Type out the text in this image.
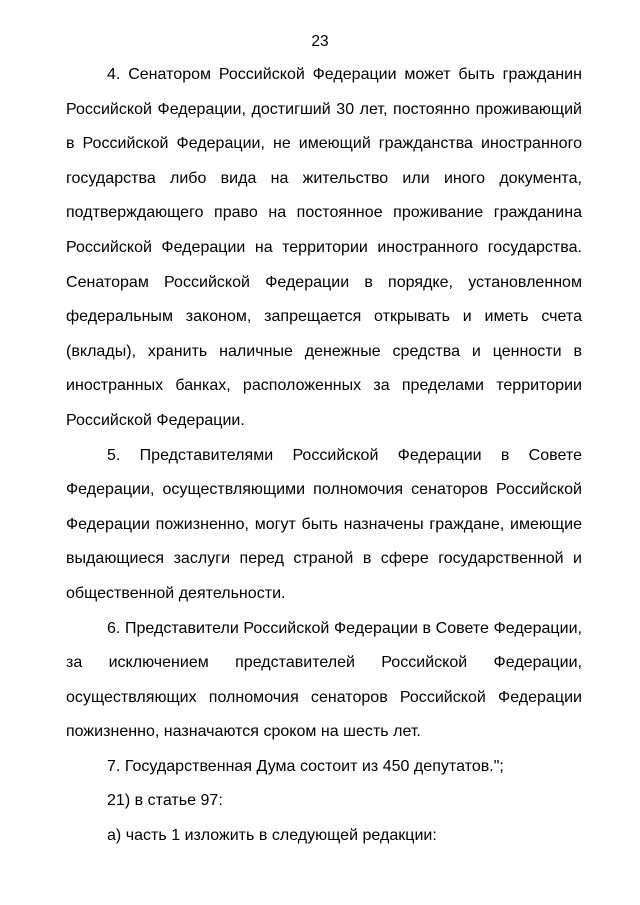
23

4. Сенатором Российской Федерации может быть гражданин Российской Федерации, достигший 30 лет, постоянно проживающий в Российской Федерации, не имеющий гражданства иностранного государства либо вида на жительство или иного документа, подтверждающего право на постоянное проживание гражданина Российской Федерации на территории иностранного государства. Сенаторам Российской Федерации в порядке, установленном федеральным законом, запрещается открывать и иметь счета (вклады), хранить наличные денежные средства и ценности в иностранных банках, расположенных за пределами территории Российской Федерации.

5. Представителями Российской Федерации в Совете Федерации, осуществляющими полномочия сенаторов Российской Федерации пожизненно, могут быть назначены граждане, имеющие выдающиеся заслуги перед страной в сфере государственной и общественной деятельности.

6. Представители Российской Федерации в Совете Федерации, за исключением представителей Российской Федерации, осуществляющих полномочия сенаторов Российской Федерации пожизненно, назначаются сроком на шесть лет.

7. Государственная Дума состоит из 450 депутатов.";

21) в статье 97:

а) часть 1 изложить в следующей редакции:
